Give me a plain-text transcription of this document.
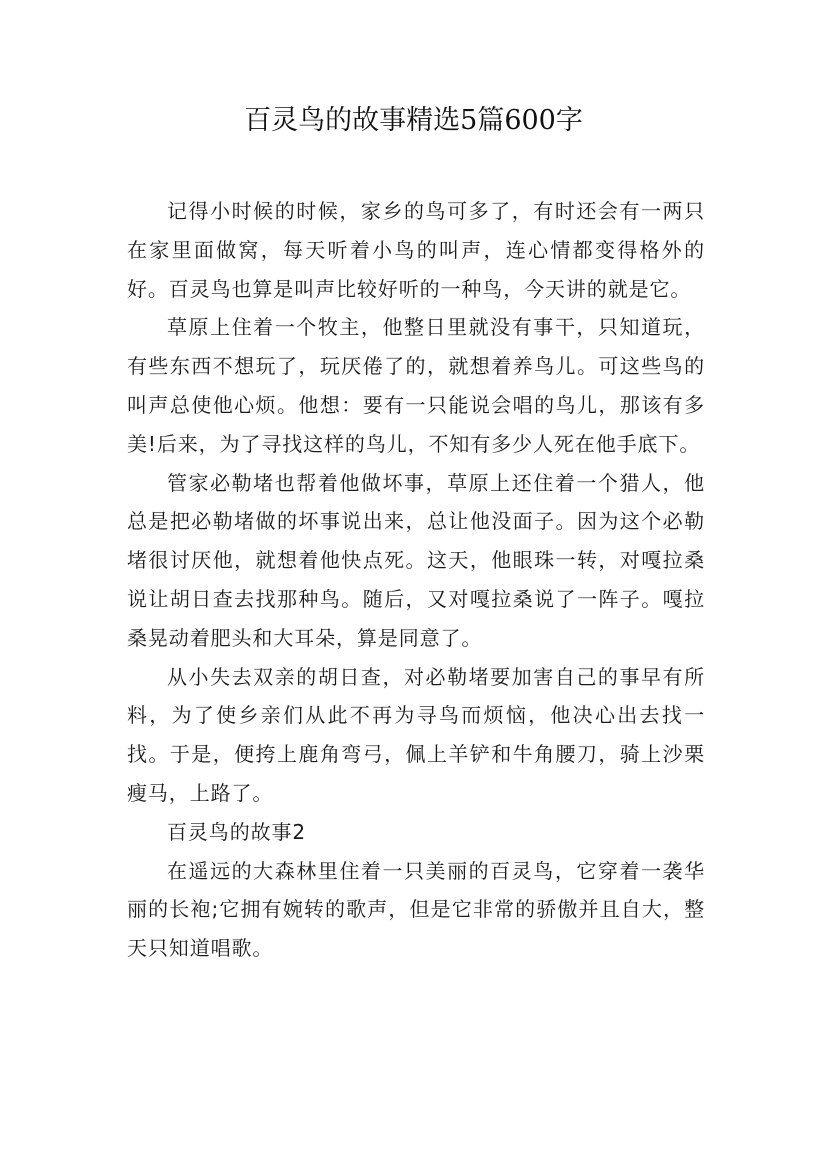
百灵鸟的故事精选5篇600字

记得小时候的时候，家乡的鸟可多了，有时还会有一两只在家里面做窝，每天听着小鸟的叫声，连心情都变得格外的好。百灵鸟也算是叫声比较好听的一种鸟，今天讲的就是它。

草原上住着一个牧主，他整日里就没有事干，只知道玩，有些东西不想玩了，玩厌倦了的，就想着养鸟儿。可这些鸟的叫声总使他心烦。他想：要有一只能说会唱的鸟儿，那该有多美!后来，为了寻找这样的鸟儿，不知有多少人死在他手底下。

管家必勒堵也帮着他做坏事，草原上还住着一个猎人，他总是把必勒堵做的坏事说出来，总让他没面子。因为这个必勒堵很讨厌他，就想着他快点死。这天，他眼珠一转，对嘎拉桑说让胡日查去找那种鸟。随后，又对嘎拉桑说了一阵子。嘎拉桑晃动着肥头和大耳朵，算是同意了。

从小失去双亲的胡日查，对必勒堵要加害自己的事早有所料，为了使乡亲们从此不再为寻鸟而烦恼，他决心出去找一找。于是，便挎上鹿角弯弓，佩上羊铲和牛角腰刀，骑上沙栗瘦马，上路了。

百灵鸟的故事2

在遥远的大森林里住着一只美丽的百灵鸟，它穿着一袭华丽的长袍;它拥有婉转的歌声，但是它非常的骄傲并且自大，整天只知道唱歌。
